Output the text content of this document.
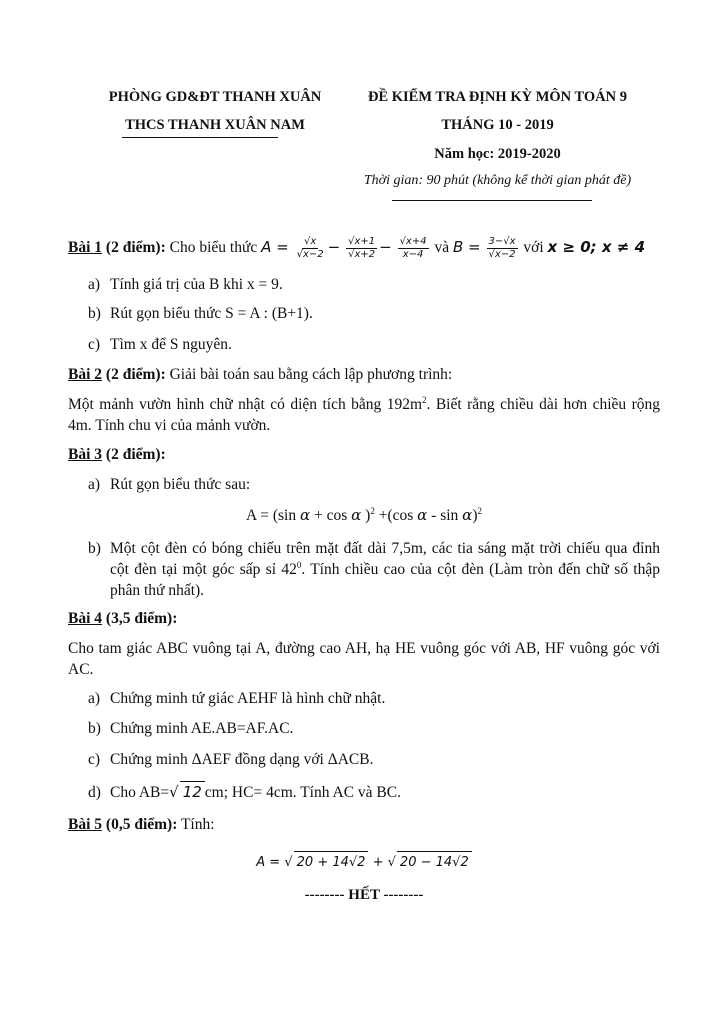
PHÒNG GD&ĐT THANH XUÂN
THCS THANH XUÂN NAM
ĐỀ KIỂM TRA ĐỊNH KỲ MÔN TOÁN 9
THÁNG 10 - 2019
Năm học: 2019-2020
Thời gian: 90 phút (không kể thời gian phát đề)
Bài 1 (2 điểm): Cho biểu thức $A = \frac{√x}{√x-2} - \frac{√x+1}{√x+2} - \frac{√x+4}{x-4}$ và $B = \frac{3-√x}{√x-2}$ với x ≥ 0; x ≠ 4
a) Tính giá trị của B khi x = 9.
b) Rút gọn biểu thức S = A : (B+1).
c) Tìm x để S nguyên.
Bài 2 (2 điểm): Giải bài toán sau bằng cách lập phương trình:
Một mảnh vườn hình chữ nhật có diện tích bằng $192m^2$. Biết rằng chiều dài hơn chiều rộng 4m. Tính chu vi của mảnh vườn.
Bài 3 (2 điểm):
a) Rút gọn biểu thức sau:
A = (sin α + cos α )$^2$ +(cos α - sin α)$^2$
b) Một cột đèn có bóng chiếu trên mặt đất dài 7,5m, các tia sáng mặt trời chiếu qua đỉnh cột đèn tại một góc sấp sỉ $42^0$. Tính chiều cao của cột đèn (Làm tròn đến chữ số thập phân thứ nhất).
Bài 4 (3,5 điểm):
Cho tam giác ABC vuông tại A, đường cao AH, hạ HE vuông góc với AB, HF vuông góc với AC.
a) Chứng minh tứ giác AEHF là hình chữ nhật.
b) Chứng minh AE.AB=AF.AC.
c) Chứng minh ΔAEF đồng dạng với ΔACB.
d) Cho AB=√ 12 cm; HC= 4cm. Tính AC và BC.
Bài 5 (0,5 điểm): Tính:
A = √ 20 + 14√2 + √ 20 − 14√2
-------- HẾT --------
